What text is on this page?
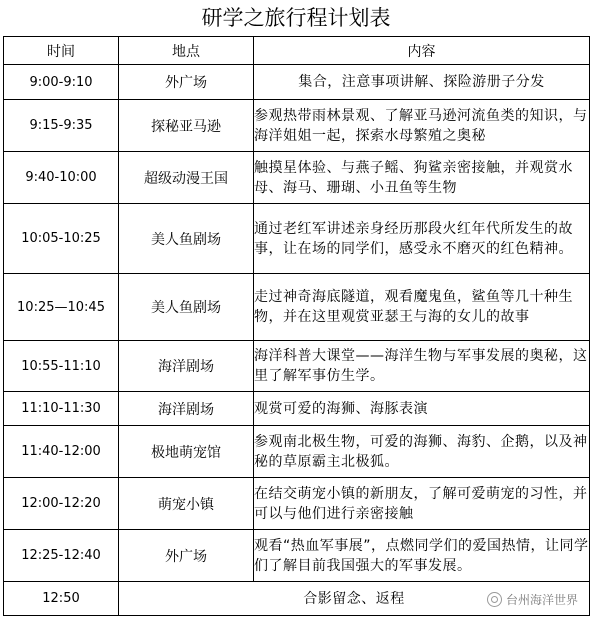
研学之旅行程计划表
时间	地点	内容
9:00-9:10	外广场	集合，注意事项讲解、探险游册子分发
9:15-9:35	探秘亚马逊	参观热带雨林景观、了解亚马逊河流鱼类的知识，与海洋姐姐一起，探索水母繁殖之奥秘
9:40-10:00	超级动漫王国	触摸星体验、与燕子鳐、狗鲨亲密接触，并观赏水母、海马、珊瑚、小丑鱼等生物
10:05-10:25	美人鱼剧场	通过老红军讲述亲身经历那段火红年代所发生的故事，让在场的同学们，感受永不磨灭的红色精神。
10:25—10:45	美人鱼剧场	走过神奇海底隧道，观看魔鬼鱼，鲨鱼等几十种生物，并在这里观赏亚瑟王与海的女儿的故事
10:55-11:10	海洋剧场	海洋科普大课堂——海洋生物与军事发展的奥秘，这里了解军事仿生学。
11:10-11:30	海洋剧场	观赏可爱的海狮、海豚表演
11:40-12:00	极地萌宠馆	参观南北极生物，可爱的海狮、海豹、企鹅，以及神秘的草原霸主北极狐。
12:00-12:20	萌宠小镇	在结交萌宠小镇的新朋友，了解可爱萌宠的习性，并可以与他们进行亲密接触
12:25-12:40	外广场	观看“热血军事展”，点燃同学们的爱国热情，让同学们了解目前我国强大的军事发展。
12:50	合影留念、返程		台州海洋世界
